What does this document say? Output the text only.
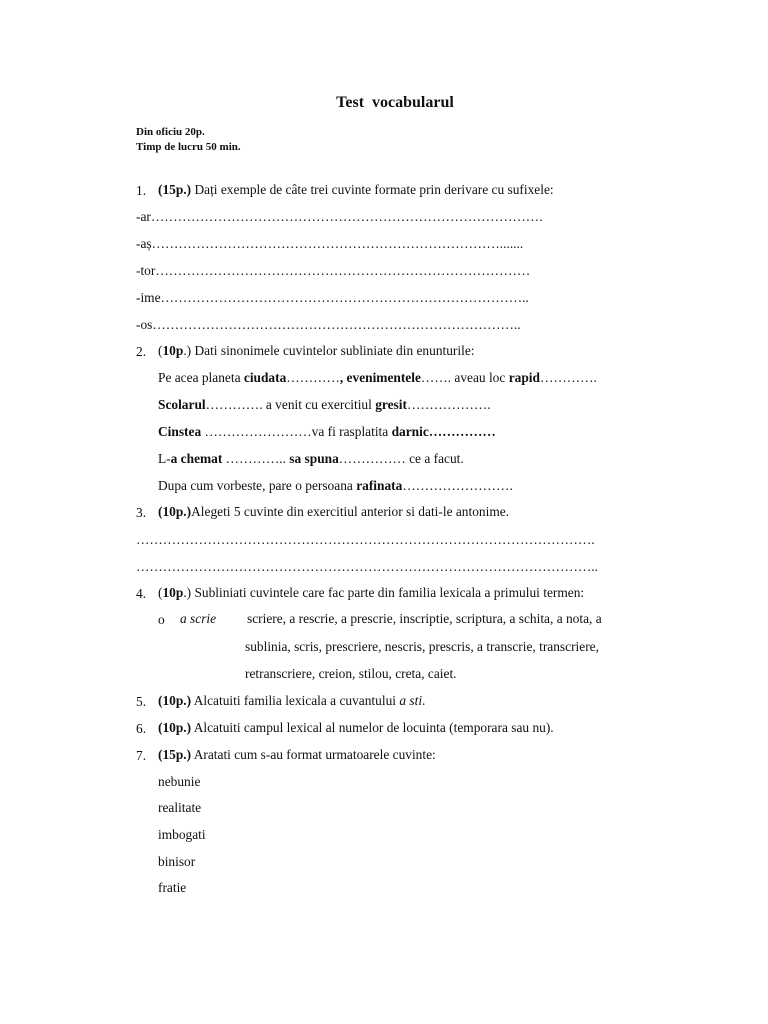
Test  vocabularul
Din oficiu 20p.
Timp de lucru 50 min.
1. (15p.) Dați exemple de câte trei cuvinte formate prin derivare cu sufixele:
-ar…………………………………………………………………………….
-aș…………………………………………………………………….......
-tor…………………………………………………………………………
-ime………………………………………………………………………..
-os………………………………………………………………………..
2. (10p.) Dati sinonimele cuvintelor subliniate din enunturile:
Pe acea planeta ciudata…………, evenimentele……. aveau loc rapid………….
Scolarul…………. a venit cu exercitiul gresit……………….
Cinstea ……………………va fi rasplatita darnic……………
L-a chemat ………….. sa spuna…………… ce a facut.
Dupa cum vorbeste, pare o persoana rafinata…………………….
3. (10p.)Alegeti 5 cuvinte din exercitiul anterior si dati-le antonime.
………………………………………………………………………………………….
…………………………………………………………………………………………..
4. (10p.) Subliniati cuvintele care fac parte din familia lexicala a primului termen:
o a scrie scriere, a rescrie, a prescrie, inscriptie, scriptura, a schita, a nota, a
sublinia, scris, prescriere, nescris, prescris, a transcrie, transcriere,
retranscriere, creion, stilou, creta, caiet.
5. (10p.) Alcatuiti familia lexicala a cuvantului a sti.
6. (10p.) Alcatuiti campul lexical al numelor de locuinta (temporara sau nu).
7. (15p.) Aratati cum s-au format urmatoarele cuvinte:
nebunie
realitate
imbogati
binisor
fratie
